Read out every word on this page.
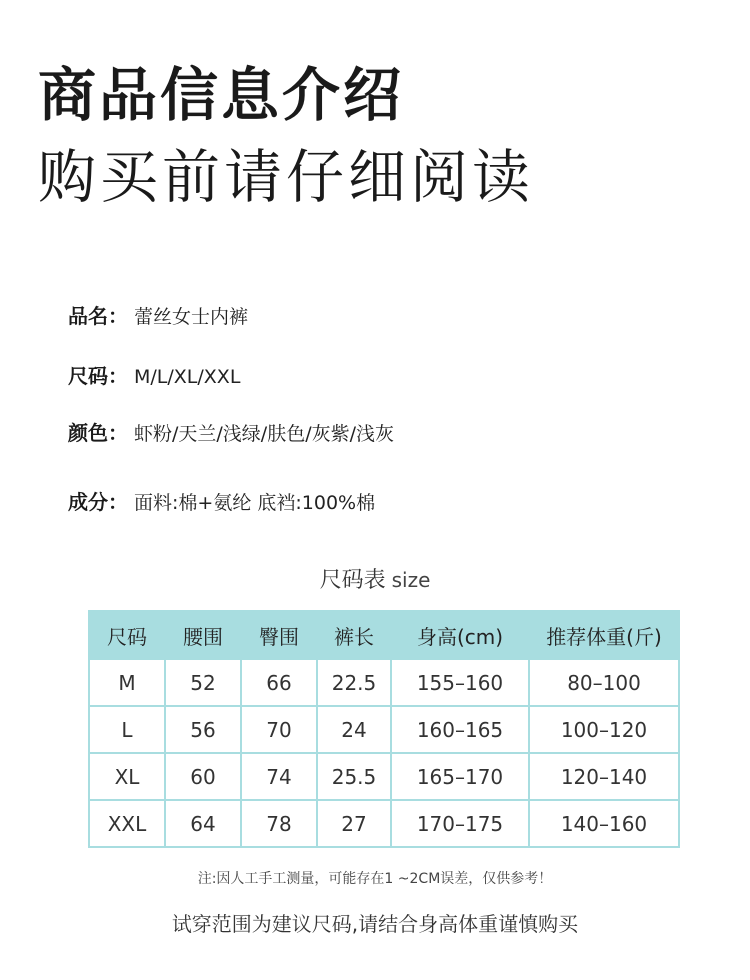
商品信息介绍
购买前请仔细阅读
品名： 蕾丝女士内裤
尺码： M/L/XL/XXL
颜色： 虾粉/天兰/浅绿/肤色/灰紫/浅灰
成分： 面料:棉+氨纶 底裆:100%棉
尺码表 size
尺码	腰围	臀围	裤长	身高(cm)	推荐体重(斤)
M	52	66	22.5	155–160	80–100
L	56	70	24	160–165	100–120
XL	60	74	25.5	165–170	120–140
XXL	64	78	27	170–175	140–160
注:因人工手工测量，可能存在1 ~2CM误差，仅供参考！
试穿范围为建议尺码,请结合身高体重谨慎购买
